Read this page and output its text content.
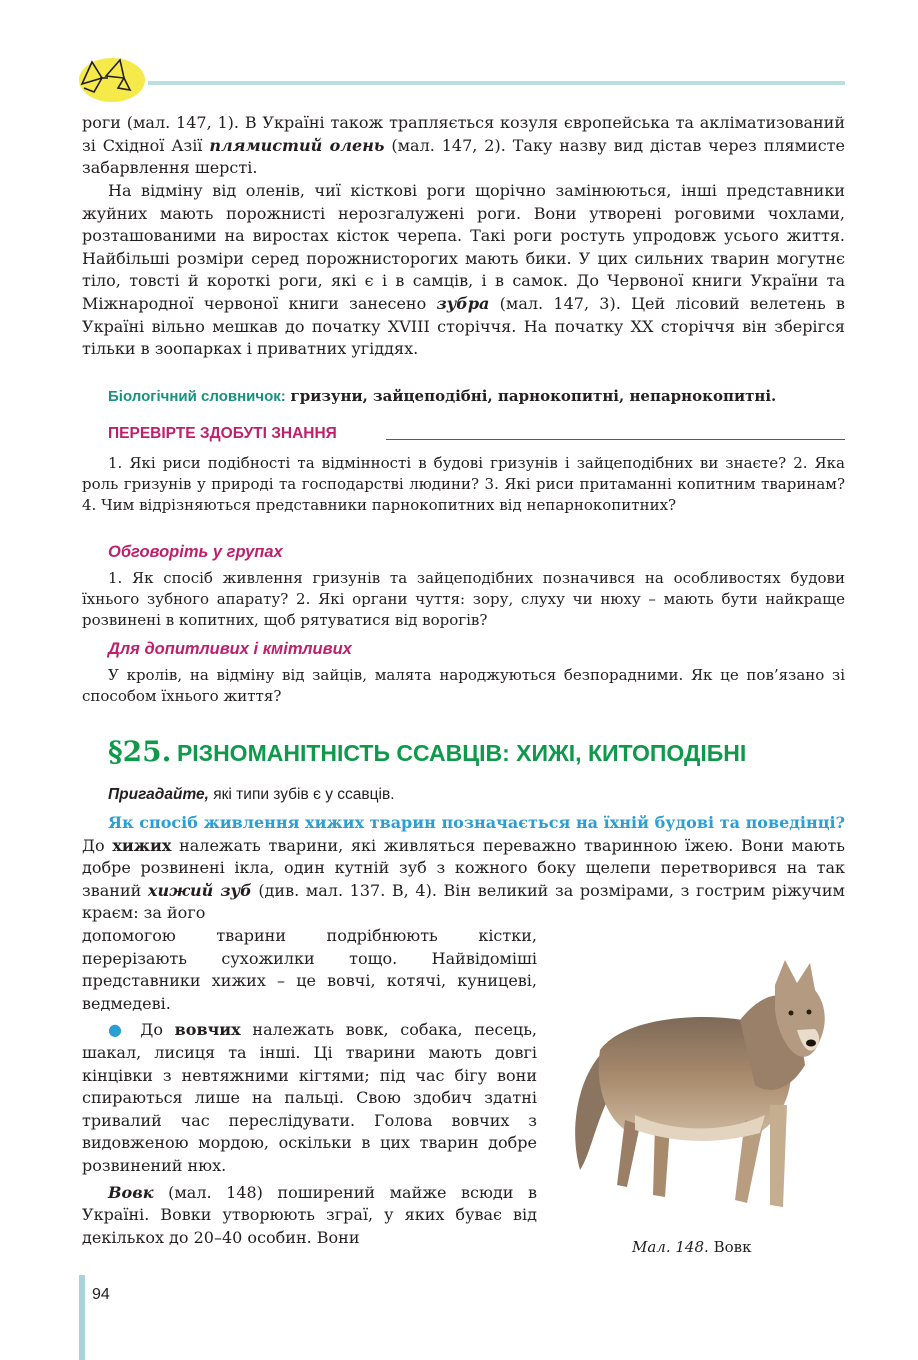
роги (мал. 147, 1). В Україні також трапляється козуля європейська та акліматизований зі Східної Азії плямистий олень (мал. 147, 2). Таку назву вид дістав через плямисте забарвлення шерсті.

На відміну від оленів, чиї кісткові роги щорічно замінюються, інші представники жуйних мають порожнисті нерозгалужені роги. Вони утворені роговими чохлами, розташованими на виростах кісток черепа. Такі роги ростуть упродовж усього життя. Найбільші розміри серед порожнисторогих мають бики. У цих сильних тварин могутнє тіло, товсті й короткі роги, які є і в самців, і в самок. До Червоної книги України та Міжнародної червоної книги занесено зубра (мал. 147, 3). Цей лісовий велетень в Україні вільно мешкав до початку XVIII сторіччя. На початку XX сторіччя він зберігся тільки в зоопарках і приватних угіддях.

Біологічний словничок: гризуни, зайцеподібні, парнокопитні, непарнокопитні.
ПЕРЕВІРТЕ ЗДОБУТІ ЗНАННЯ

1. Які риси подібності та відмінності в будові гризунів і зайцеподібних ви знаєте? 2. Яка роль гризунів у природі та господарстві людини? 3. Які риси притаманні копитним тваринам? 4. Чим відрізняються представники парнокопитних від непарнокопитних?

Обговоріть у групах

1. Як спосіб живлення гризунів та зайцеподібних позначився на особливостях будови їхнього зубного апарату? 2. Які органи чуття: зору, слуху чи нюху – мають бути найкраще розвинені в копитних, щоб рятуватися від ворогів?

Для допитливих і кмітливих

У кролів, на відміну від зайців, малята народжуються безпорадними. Як це пов’язано зі способом їхнього життя?

§25. РІЗНОМАНІТНІСТЬ ССАВЦІВ: ХИЖІ, КИТОПОДІБНІ
Пригадайте, які типи зубів є у ссавців.

Як спосіб живлення хижих тварин позначається на їхній будові та поведінці? До хижих належать тварини, які живляться переважно тваринною їжею. Вони мають добре розвинені ікла, один кутній зуб з кожного боку щелепи перетворився на так званий хижий зуб (див. мал. 137. В, 4). Він великий за розмірами, з гострим ріжучим краєм: за його

допомогою тварини подрібнюють кістки, перерізають сухожилки тощо. Найвідоміші представники хижих – це вовчі, котячі, куницеві, ведмедеві.

● До вовчих належать вовк, собака, песець, шакал, лисиця та інші. Ці тварини мають довгі кінцівки з невтяжними кігтями; під час бігу вони спираються лише на пальці. Свою здобич здатні тривалий час переслідувати. Голова вовчих з видовженою мордою, оскільки в цих тварин добре розвинений нюх.

Вовк (мал. 148) поширений майже всюди в Україні. Вовки утворюють зграї, у яких буває від декількох до 20–40 особин. Вони

Мал. 148. Вовк
94
